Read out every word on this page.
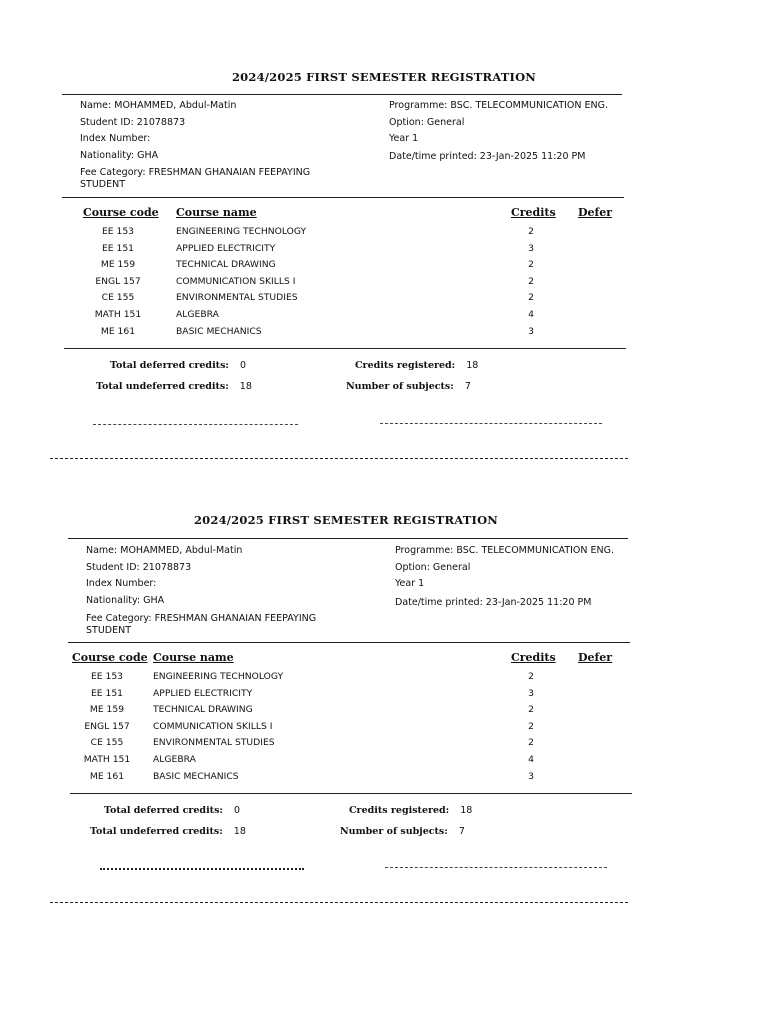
2024/2025 FIRST SEMESTER REGISTRATION
Name: MOHAMMED, Abdul-Matin
Student ID: 21078873
Index Number:
Nationality: GHA
Fee Category: FRESHMAN GHANAIAN FEEPAYING STUDENT
Programme: BSC. TELECOMMUNICATION ENG.
Option: General
Year 1
Date/time printed: 23-Jan-2025 11:20 PM
Course code Course name	Credits Defer
EE 153	ENGINEERING TECHNOLOGY	2
EE 151	APPLIED ELECTRICITY	3
ME 159	TECHNICAL DRAWING	2
ENGL 157	COMMUNICATION SKILLS I	2
CE 155	ENVIRONMENTAL STUDIES	2
MATH 151	ALGEBRA	4
ME 161	BASIC MECHANICS	3
Total deferred credits: 0
Total undeferred credits: 18
Credits registered: 18
Number of subjects: 7
2024/2025 FIRST SEMESTER REGISTRATION
Name: MOHAMMED, Abdul-Matin
Student ID: 21078873
Index Number:
Nationality: GHA
Fee Category: FRESHMAN GHANAIAN FEEPAYING STUDENT
Programme: BSC. TELECOMMUNICATION ENG.
Option: General
Year 1
Date/time printed: 23-Jan-2025 11:20 PM
Course code Course name	Credits Defer
EE 153	ENGINEERING TECHNOLOGY	2
EE 151	APPLIED ELECTRICITY	3
ME 159	TECHNICAL DRAWING	2
ENGL 157	COMMUNICATION SKILLS I	2
CE 155	ENVIRONMENTAL STUDIES	2
MATH 151	ALGEBRA	4
ME 161	BASIC MECHANICS	3
Total deferred credits: 0
Total undeferred credits: 18
Credits registered: 18
Number of subjects: 7
